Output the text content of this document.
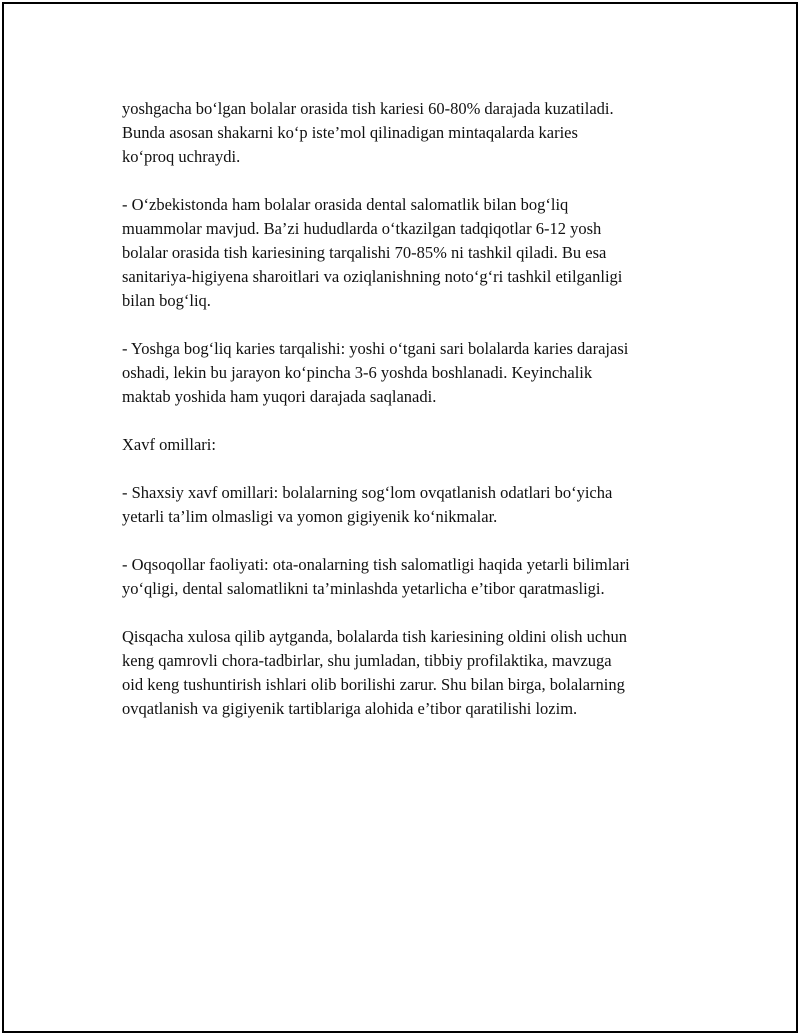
yoshgacha bo‘lgan bolalar orasida tish kariesi 60-80% darajada kuzatiladi.
Bunda asosan shakarni ko‘p iste’mol qilinadigan mintaqalarda karies
ko‘proq uchraydi.

- O‘zbekistonda ham bolalar orasida dental salomatlik bilan bog‘liq
muammolar mavjud. Ba’zi hududlarda o‘tkazilgan tadqiqotlar 6-12 yosh
bolalar orasida tish kariesining tarqalishi 70-85% ni tashkil qiladi. Bu esa
sanitariya-higiyena sharoitlari va oziqlanishning noto‘g‘ri tashkil etilganligi
bilan bog‘liq.

- Yoshga bog‘liq karies tarqalishi: yoshi o‘tgani sari bolalarda karies darajasi
oshadi, lekin bu jarayon ko‘pincha 3-6 yoshda boshlanadi. Keyinchalik
maktab yoshida ham yuqori darajada saqlanadi.

Xavf omillari:

- Shaxsiy xavf omillari: bolalarning sog‘lom ovqatlanish odatlari bo‘yicha
yetarli ta’lim olmasligi va yomon gigiyenik ko‘nikmalar.

- Oqsoqollar faoliyati: ota-onalarning tish salomatligi haqida yetarli bilimlari
yo‘qligi, dental salomatlikni ta’minlashda yetarlicha e’tibor qaratmasligi.

Qisqacha xulosa qilib aytganda, bolalarda tish kariesining oldini olish uchun
keng qamrovli chora-tadbirlar, shu jumladan, tibbiy profilaktika, mavzuga
oid keng tushuntirish ishlari olib borilishi zarur. Shu bilan birga, bolalarning
ovqatlanish va gigiyenik tartiblariga alohida e’tibor qaratilishi lozim.
